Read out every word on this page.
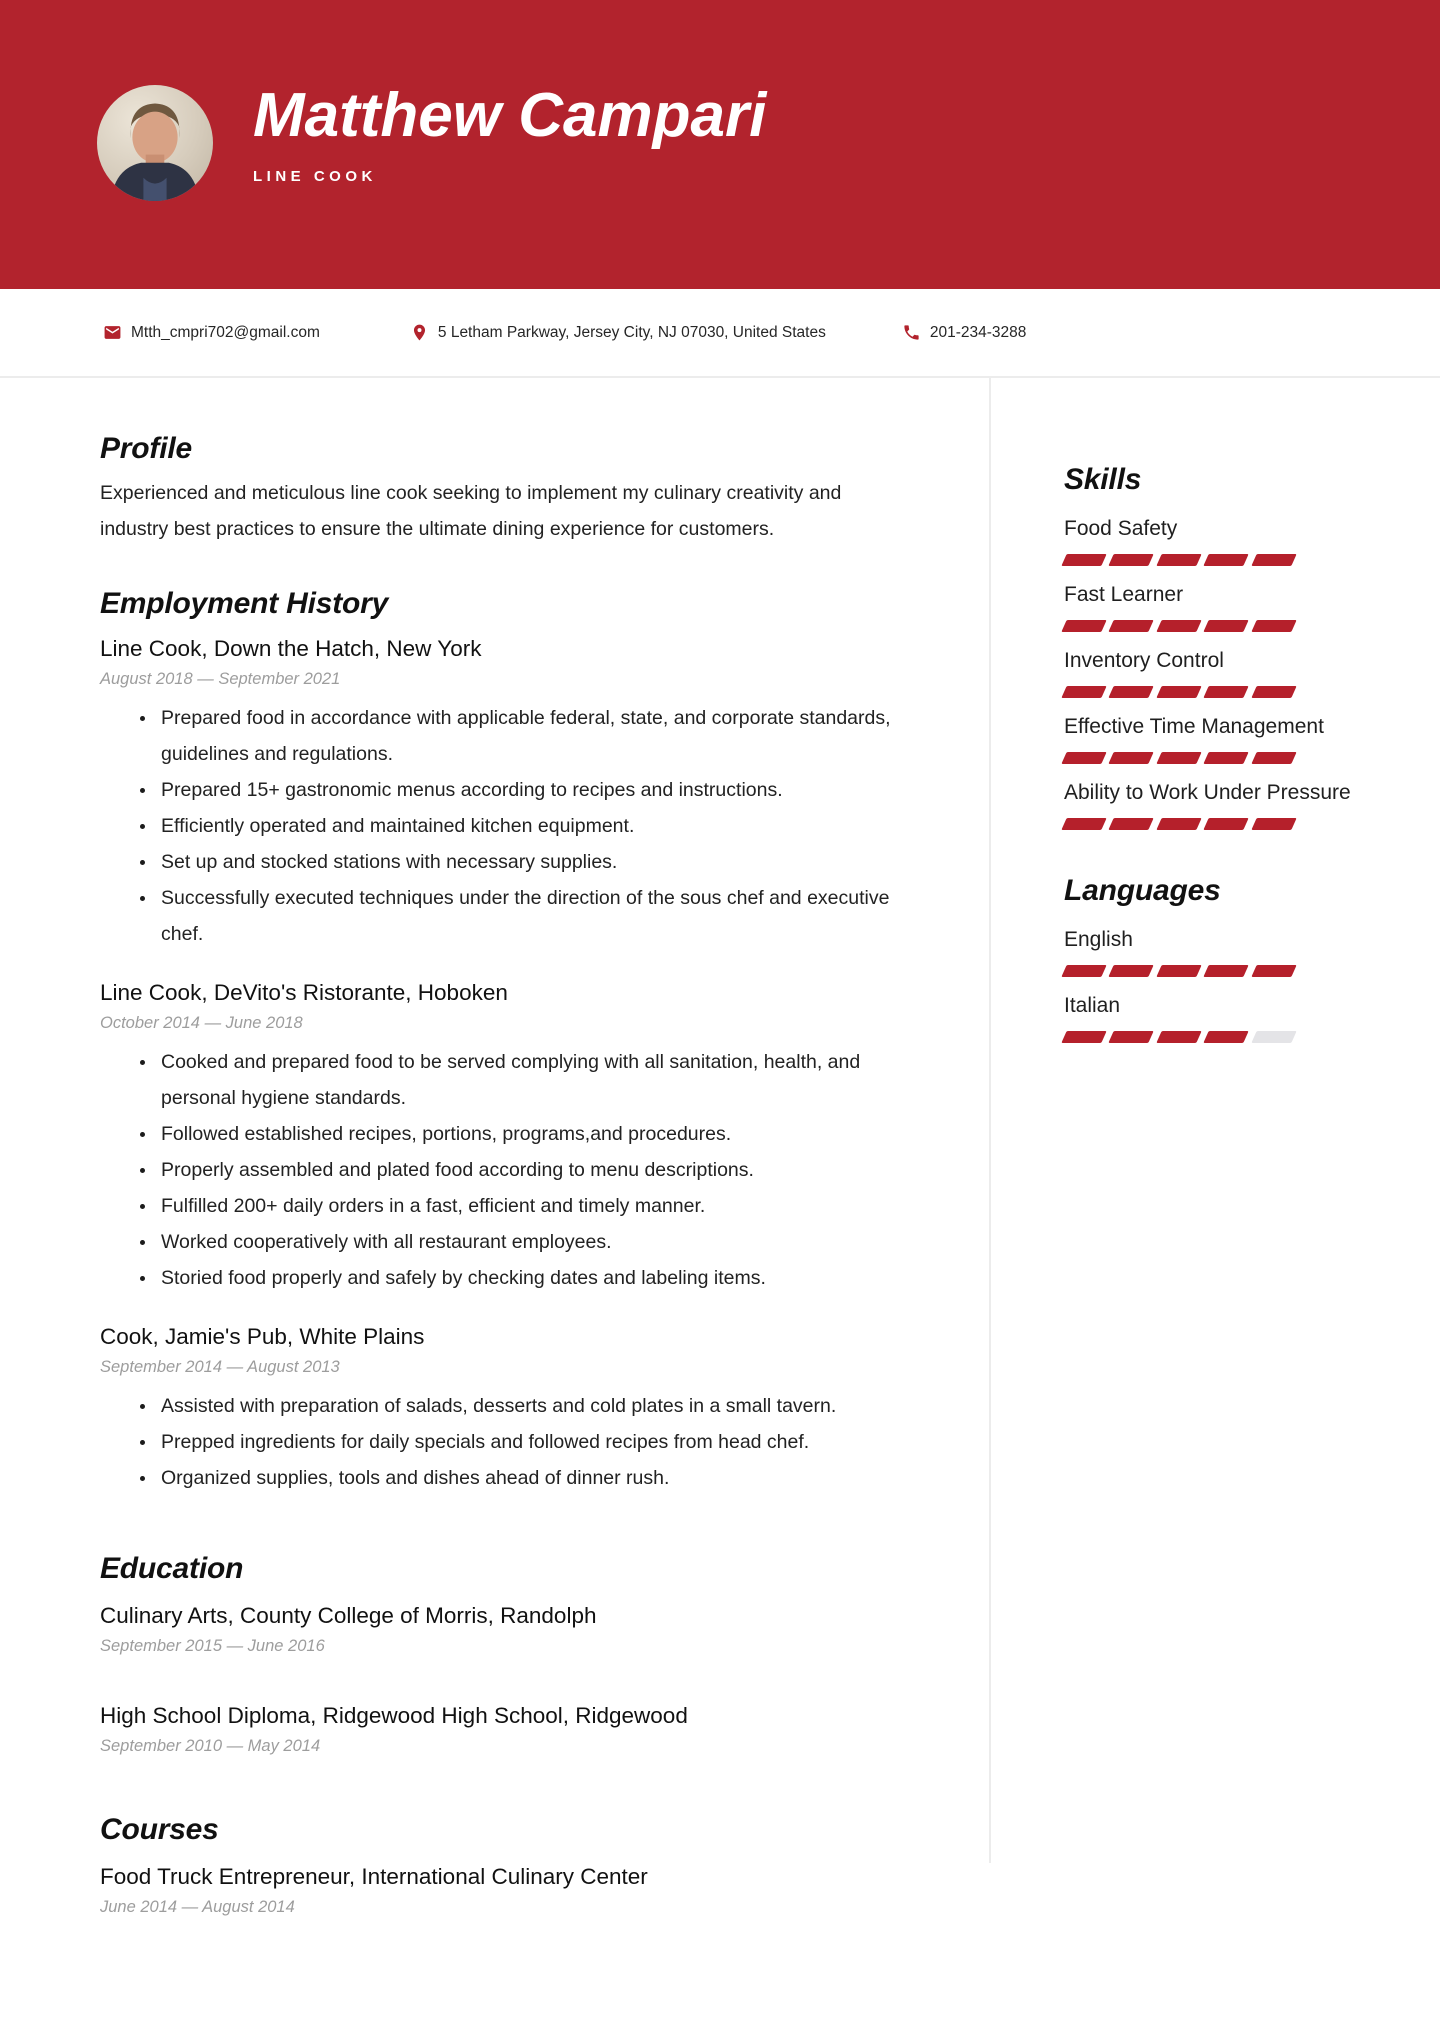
Matthew Campari
LINE COOK
Mtth_cmpri702@gmail.com	5 Letham Parkway, Jersey City, NJ 07030, United States	201-234-3288
Profile

Experienced and meticulous line cook seeking to implement my culinary creativity and industry best practices to ensure the ultimate dining experience for customers.

Employment History
Line Cook, Down the Hatch, New York
August 2018 — September 2021
• Prepared food in accordance with applicable federal, state, and corporate standards, guidelines and regulations.
• Prepared 15+ gastronomic menus according to recipes and instructions.
• Efficiently operated and maintained kitchen equipment.
• Set up and stocked stations with necessary supplies.
• Successfully executed techniques under the direction of the sous chef and executive chef.
Line Cook, DeVito's Ristorante, Hoboken
October 2014 — June 2018
• Cooked and prepared food to be served complying with all sanitation, health, and personal hygiene standards.
• Followed established recipes, portions, programs,and procedures.
• Properly assembled and plated food according to menu descriptions.
• Fulfilled 200+ daily orders in a fast, efficient and timely manner.
• Worked cooperatively with all restaurant employees.
• Storied food properly and safely by checking dates and labeling items.
Cook, Jamie's Pub, White Plains
September 2014 — August 2013
• Assisted with preparation of salads, desserts and cold plates in a small tavern.
• Prepped ingredients for daily specials and followed recipes from head chef.
• Organized supplies, tools and dishes ahead of dinner rush.
Education
Culinary Arts, County College of Morris, Randolph
September 2015 — June 2016
High School Diploma, Ridgewood High School, Ridgewood
September 2010 — May 2014
Courses
Food Truck Entrepreneur, International Culinary Center
June 2014 — August 2014
Skills
Food Safety
Fast Learner
Inventory Control
Effective Time Management
Ability to Work Under Pressure
Languages
English
Italian
